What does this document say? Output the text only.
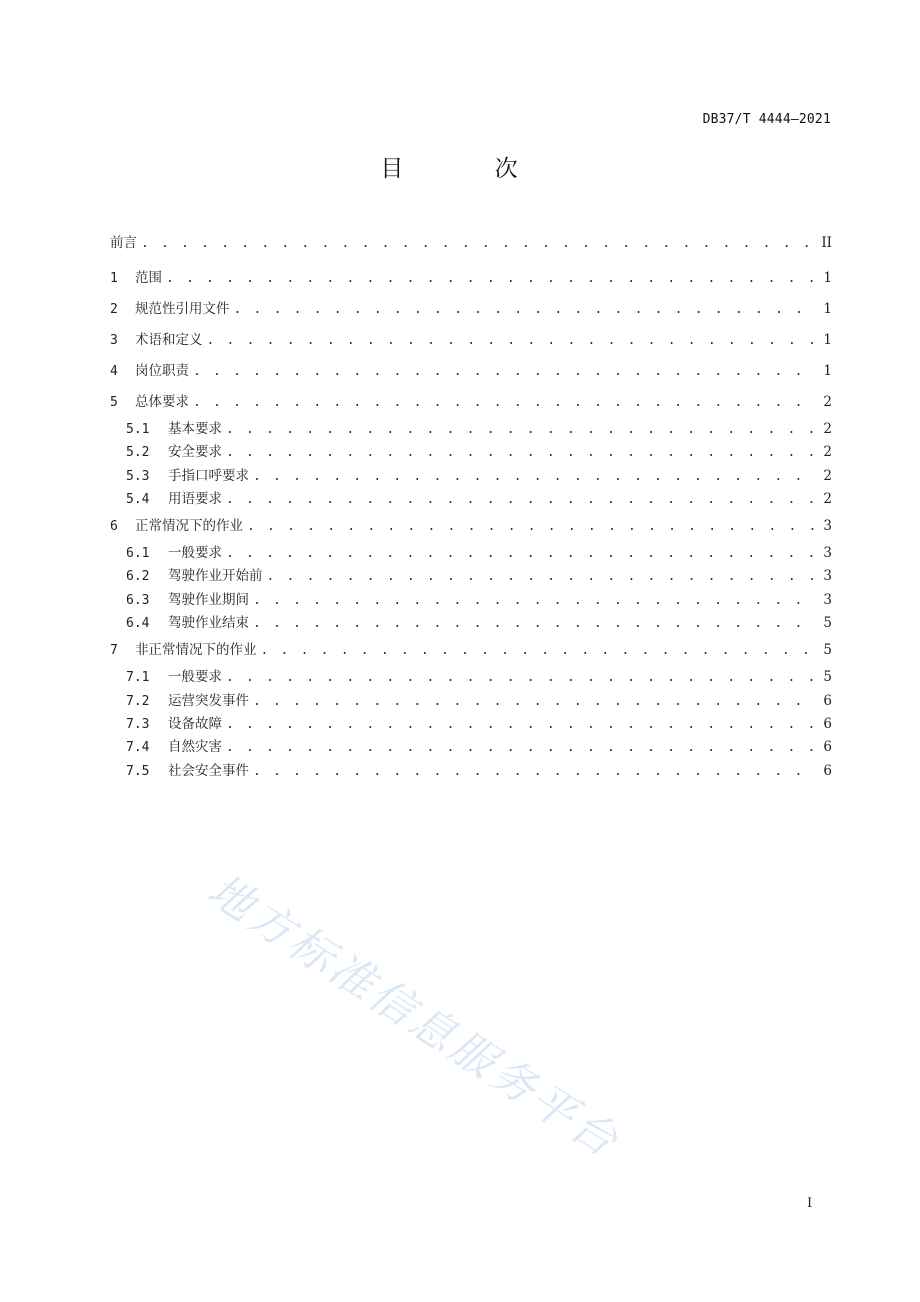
DB37/T 4444—2021
目 次
前言 . . .	II
1	范围 . . .	1
2	规范性引用文件 . . .	1
3	术语和定义 . . .	1
4	岗位职责 . . .	1
5	总体要求 . . .	2
5.1	基本要求 . . .	2
5.2	安全要求 . . .	2
5.3	手指口呼要求 . . .	2
5.4	用语要求 . . .	2
6	正常情况下的作业 . . .	3
6.1	一般要求 . . .	3
6.2	驾驶作业开始前 . . .	3
6.3	驾驶作业期间 . . .	3
6.4	驾驶作业结束 . . .	5
7	非正常情况下的作业 . . .	5
7.1	一般要求 . . .	5
7.2	运营突发事件 . . .	6
7.3	设备故障 . . .	6
7.4	自然灾害 . . .	6
7.5	社会安全事件 . . .	6
地方标准信息服务平台
I
